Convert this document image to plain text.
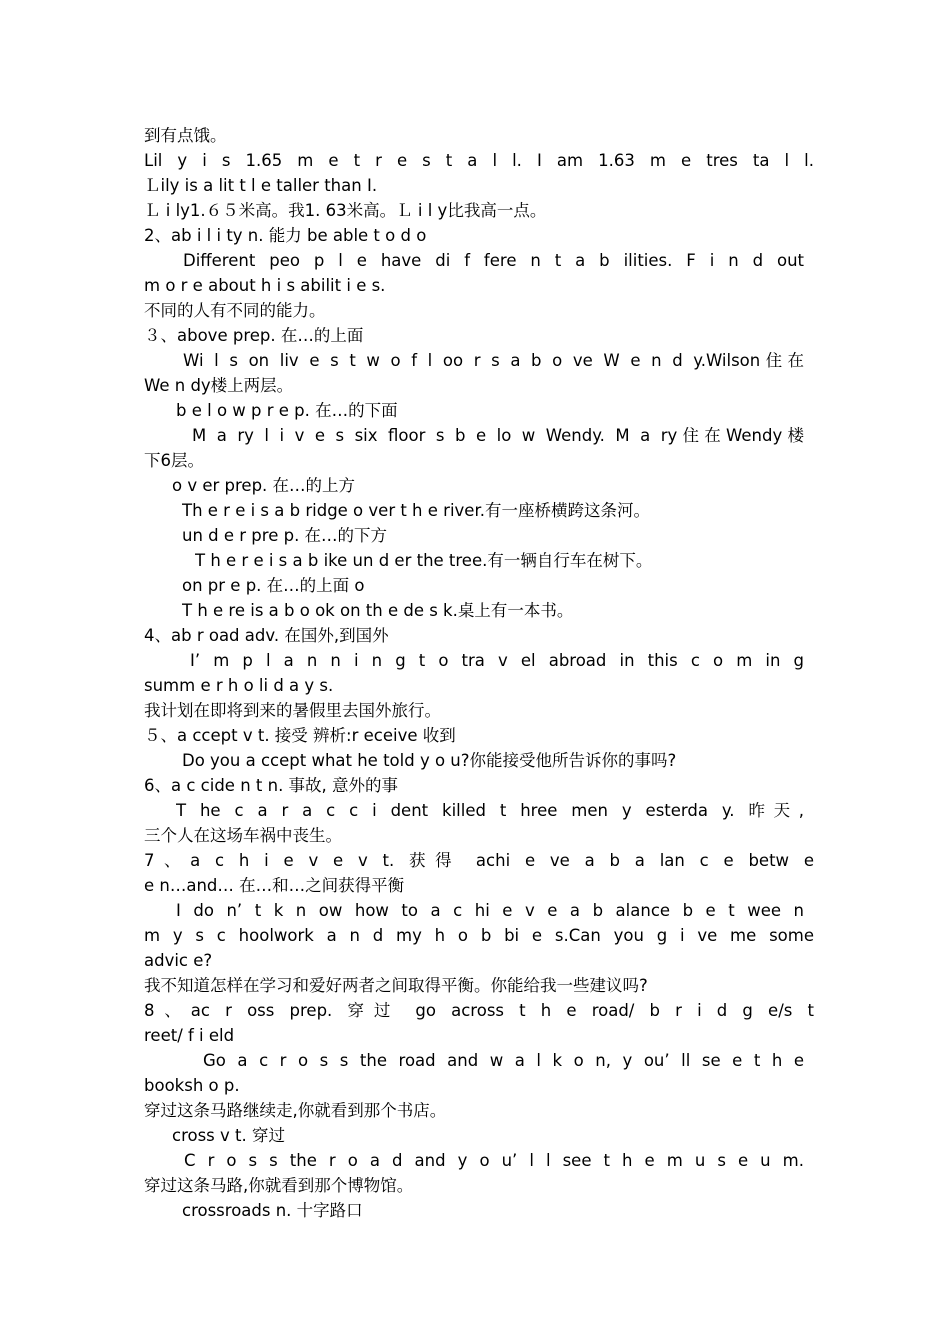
到有点饿。
Lil y i s 1.65 m e t r e s t a l l. I am 1.63 m e tres ta l l.
Ｌily is a lit t l e taller than I.
Ｌ i ly1.６５米高。我1. 63米高。Ｌ i l y比我高一点。
2、ab i l i ty n. 能力 be able t o d o
Different peo p l e have di f fere n t a b ilities. F i n d out
m o r e about h i s abilit i e s.
不同的人有不同的能力。
３、above prep. 在…的上面
Wi l s on liv e s t w o f l oo r s a b o ve W e n d y.Wilson住在
We n dy楼上两层。
b e l o w p r e p. 在…的下面
M a ry l i v e s six floor s b e lo w Wendy. M a ry住在Wendy楼
下6层。
o v er prep. 在…的上方
Th e r e i s a b ridge o ver t h e river.有一座桥横跨这条河。
un d e r pre p. 在…的下方
T h e r e i s a b ike un d er the tree.有一辆自行车在树下。
on pr e p. 在…的上面 o
T h e re is a b o ok on th e de s k.桌上有一本书。
4、ab r oad adv. 在国外,到国外
I’ m p l a n n i n g t o tra v el abroad in this c o m in g
summ e r h o li d a y s.
我计划在即将到来的暑假里去国外旅行。
５、a ccept v t. 接受 辨析:r eceive 收到
Do you a ccept what he told y o u?你能接受他所告诉你的事吗?
6、a c cide n t n. 事故, 意外的事
T he c a r a c c i dent killed t hree men y esterda y. 昨天,
三个人在这场车祸中丧生。
7、a c h i e v e v t. 获得 achi e ve a b a lan c e betw e
e n…and… 在…和…之间获得平衡
I do n’ t k n ow how to a c hi e v e a b alance b e t wee n
m y s c hoolwork a n d my h o b bi e s.Can you g i ve me some
advic e?
我不知道怎样在学习和爱好两者之间取得平衡。你能给我一些建议吗?
8、ac r oss prep. 穿过 go across t h e road/ b r i d g e/s t
reet/ f i eld
Go a c r o s s the road and w a l k o n, y ou’ ll se e t h e
booksh o p.
穿过这条马路继续走,你就看到那个书店。
cross v t. 穿过
C r o s s the r o a d and y o u’ l l see t h e m u s e u m.
穿过这条马路,你就看到那个博物馆。
crossroads n. 十字路口
